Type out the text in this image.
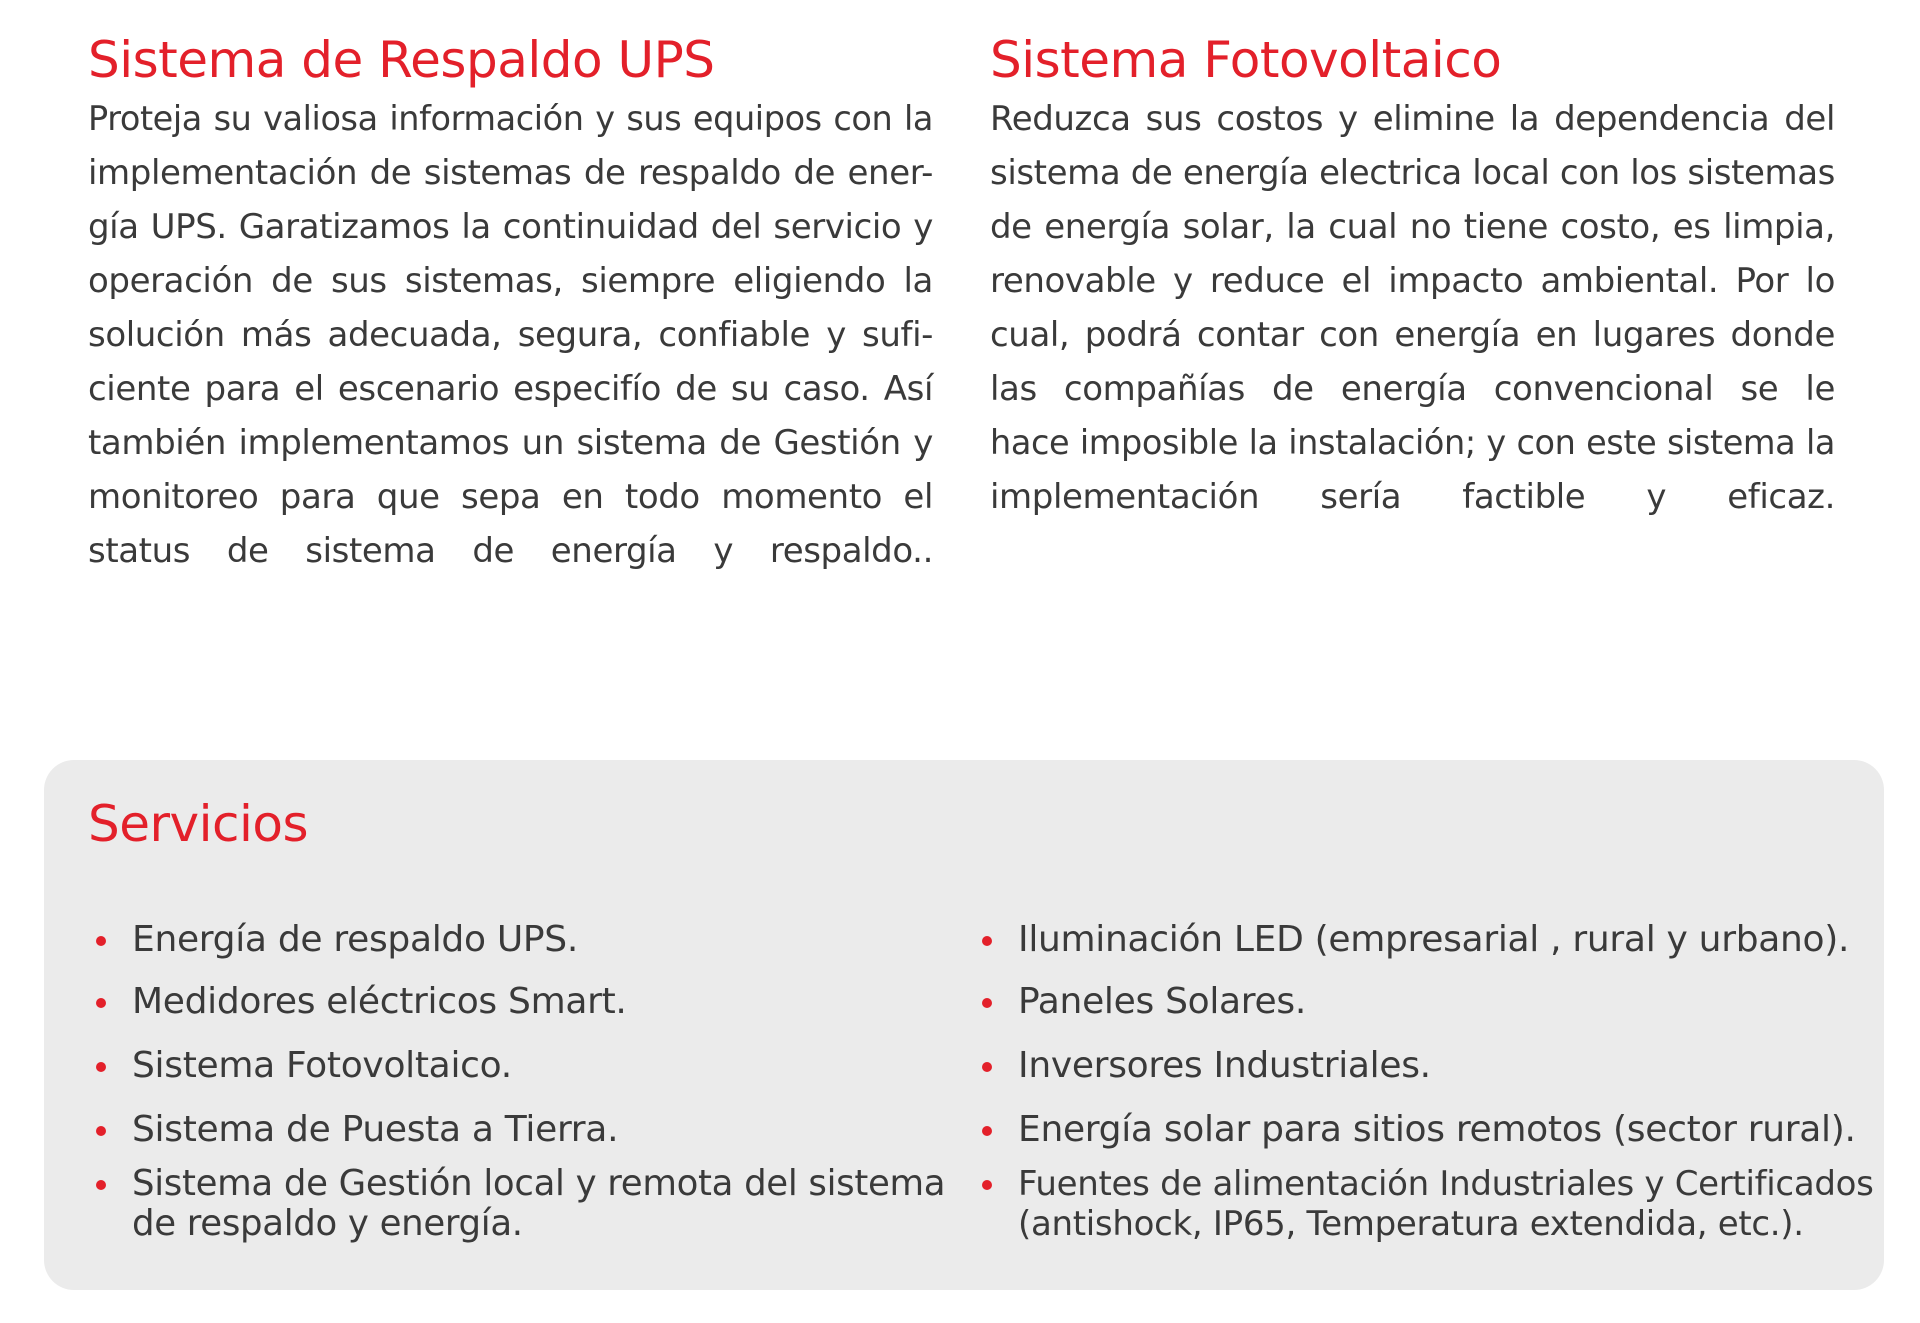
Sistema de Respaldo UPS

Proteja su valiosa información y sus equipos con la
implementación de sistemas de respaldo de ener-
gía UPS. Garatizamos la continuidad del servicio y
operación de sus sistemas, siempre eligiendo la
solución más adecuada, segura, confiable y sufi-
ciente para el escenario especifío de su caso. Así
también implementamos un sistema de Gestión y
monitoreo para que sepa en todo momento el
status de sistema de energía y respaldo..

Sistema Fotovoltaico

Reduzca sus costos y elimine la dependencia del
sistema de energía electrica local con los sistemas
de energía solar, la cual no tiene costo, es limpia,
renovable y reduce el impacto ambiental. Por lo
cual, podrá contar con energía en lugares donde
las compañías de energía convencional se le
hace imposible la instalación; y con este sistema la
implementación sería factible y eficaz.

Servicios
Energía de respaldo UPS.
Medidores eléctricos Smart.
Sistema Fotovoltaico.
Sistema de Puesta a Tierra.
Sistema de Gestión local y remota del sistema
de respaldo y energía.
Iluminación LED (empresarial , rural y urbano).
Paneles Solares.
Inversores Industriales.
Energía solar para sitios remotos (sector rural).
Fuentes de alimentación Industriales y Certificados
(antishock, IP65, Temperatura extendida, etc.).
